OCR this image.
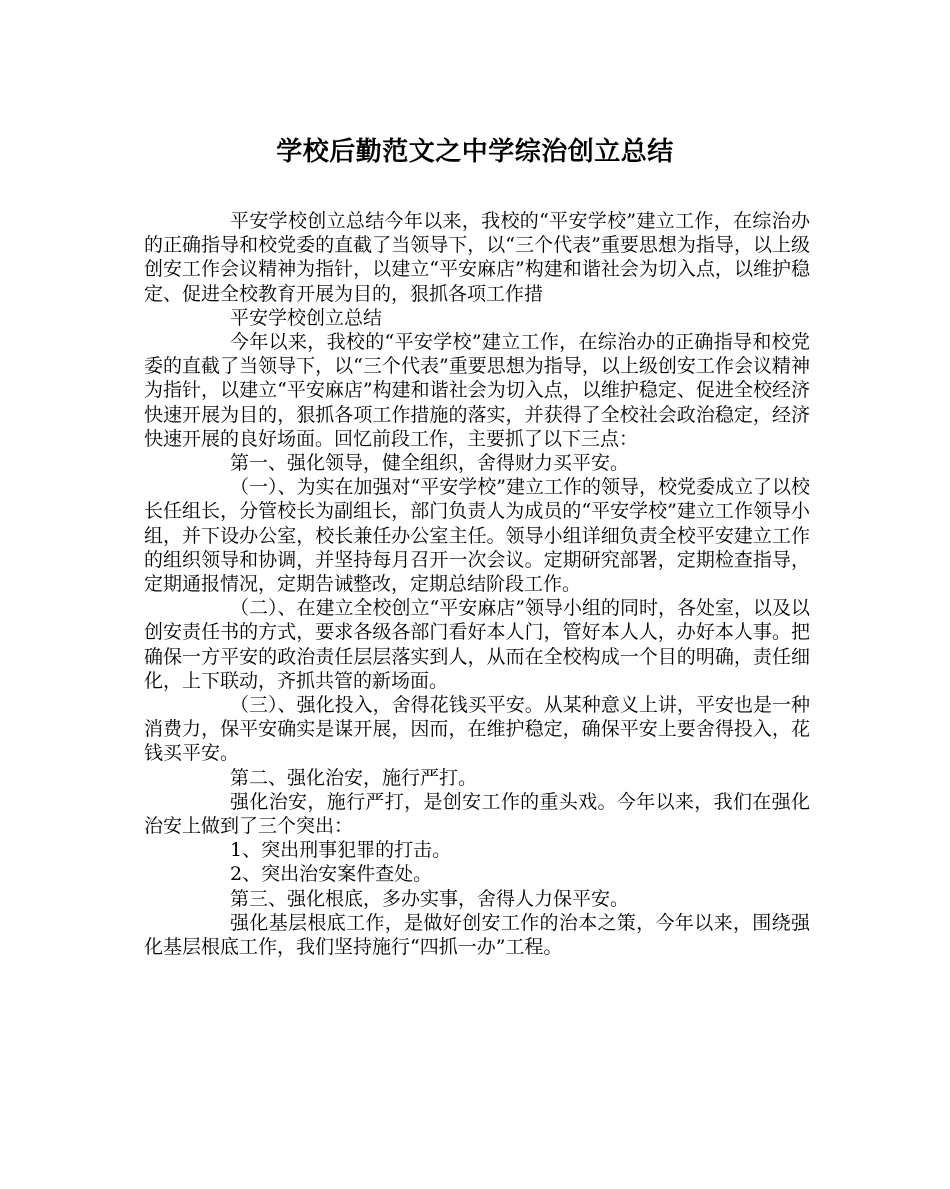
学校后勤范文之中学综治创立总结

平安学校创立总结今年以来，我校的“平安学校”建立工作，在综治办的正确指导和校党委的直截了当领导下，以“三个代表”重要思想为指导，以上级创安工作会议精神为指针，以建立“平安麻店”构建和谐社会为切入点，以维护稳定、促进全校教育开展为目的，狠抓各项工作措

平安学校创立总结

今年以来，我校的“平安学校”建立工作，在综治办的正确指导和校党委的直截了当领导下，以“三个代表”重要思想为指导，以上级创安工作会议精神为指针，以建立“平安麻店”构建和谐社会为切入点，以维护稳定、促进全校经济快速开展为目的，狠抓各项工作措施的落实，并获得了全校社会政治稳定，经济快速开展的良好场面。回忆前段工作，主要抓了以下三点：

第一、强化领导，健全组织，舍得财力买平安。

（一）、为实在加强对“平安学校”建立工作的领导，校党委成立了以校长任组长，分管校长为副组长，部门负责人为成员的“平安学校”建立工作领导小组，并下设办公室，校长兼任办公室主任。领导小组详细负责全校平安建立工作的组织领导和协调，并坚持每月召开一次会议。定期研究部署，定期检查指导，定期通报情况，定期告诫整改，定期总结阶段工作。

（二）、在建立全校创立“平安麻店”领导小组的同时，各处室，以及以创安责任书的方式，要求各级各部门看好本人门，管好本人人，办好本人事。把确保一方平安的政治责任层层落实到人，从而在全校构成一个目的明确，责任细化，上下联动，齐抓共管的新场面。

（三）、强化投入，舍得花钱买平安。从某种意义上讲，平安也是一种消费力，保平安确实是谋开展，因而，在维护稳定，确保平安上要舍得投入，花钱买平安。

第二、强化治安，施行严打。

强化治安，施行严打，是创安工作的重头戏。今年以来，我们在强化治安上做到了三个突出：

1、突出刑事犯罪的打击。

2、突出治安案件查处。

第三、强化根底，多办实事，舍得人力保平安。

强化基层根底工作，是做好创安工作的治本之策，今年以来，围绕强化基层根底工作，我们坚持施行“四抓一办”工程。
